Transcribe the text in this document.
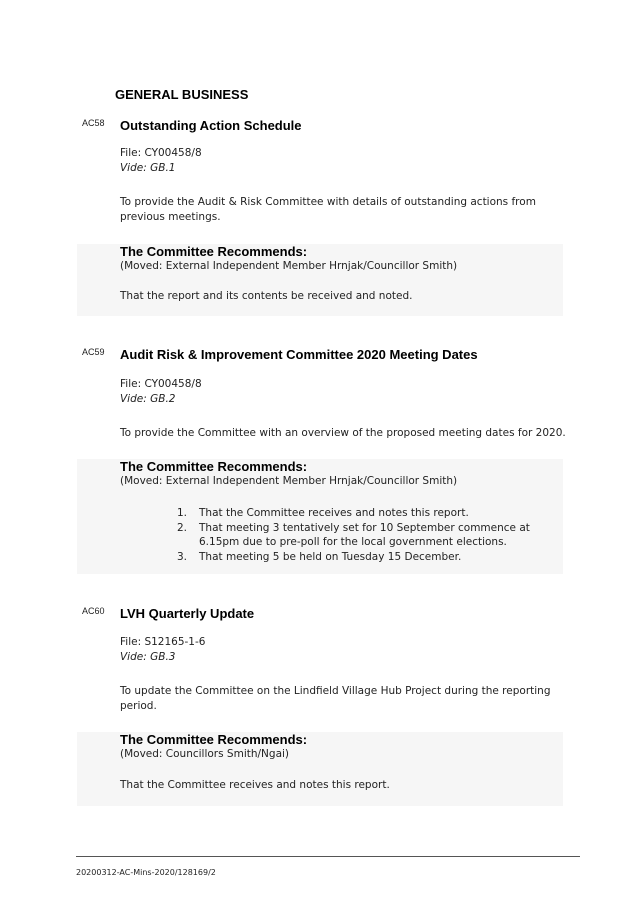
GENERAL BUSINESS
AC58 Outstanding Action Schedule
File: CY00458/8
Vide: GB.1
To provide the Audit & Risk Committee with details of outstanding actions from previous meetings.
The Committee Recommends:
(Moved: External Independent Member Hrnjak/Councillor Smith)
That the report and its contents be received and noted.
AC59 Audit Risk & Improvement Committee 2020 Meeting Dates
File: CY00458/8
Vide: GB.2
To provide the Committee with an overview of the proposed meeting dates for 2020.
The Committee Recommends:
(Moved: External Independent Member Hrnjak/Councillor Smith)
1. That the Committee receives and notes this report.
2. That meeting 3 tentatively set for 10 September commence at 6.15pm due to pre-poll for the local government elections.
3. That meeting 5 be held on Tuesday 15 December.
AC60 LVH Quarterly Update
File: S12165-1-6
Vide: GB.3
To update the Committee on the Lindfield Village Hub Project during the reporting period.
The Committee Recommends:
(Moved: Councillors Smith/Ngai)
That the Committee receives and notes this report.
20200312-AC-Mins-2020/128169/2
